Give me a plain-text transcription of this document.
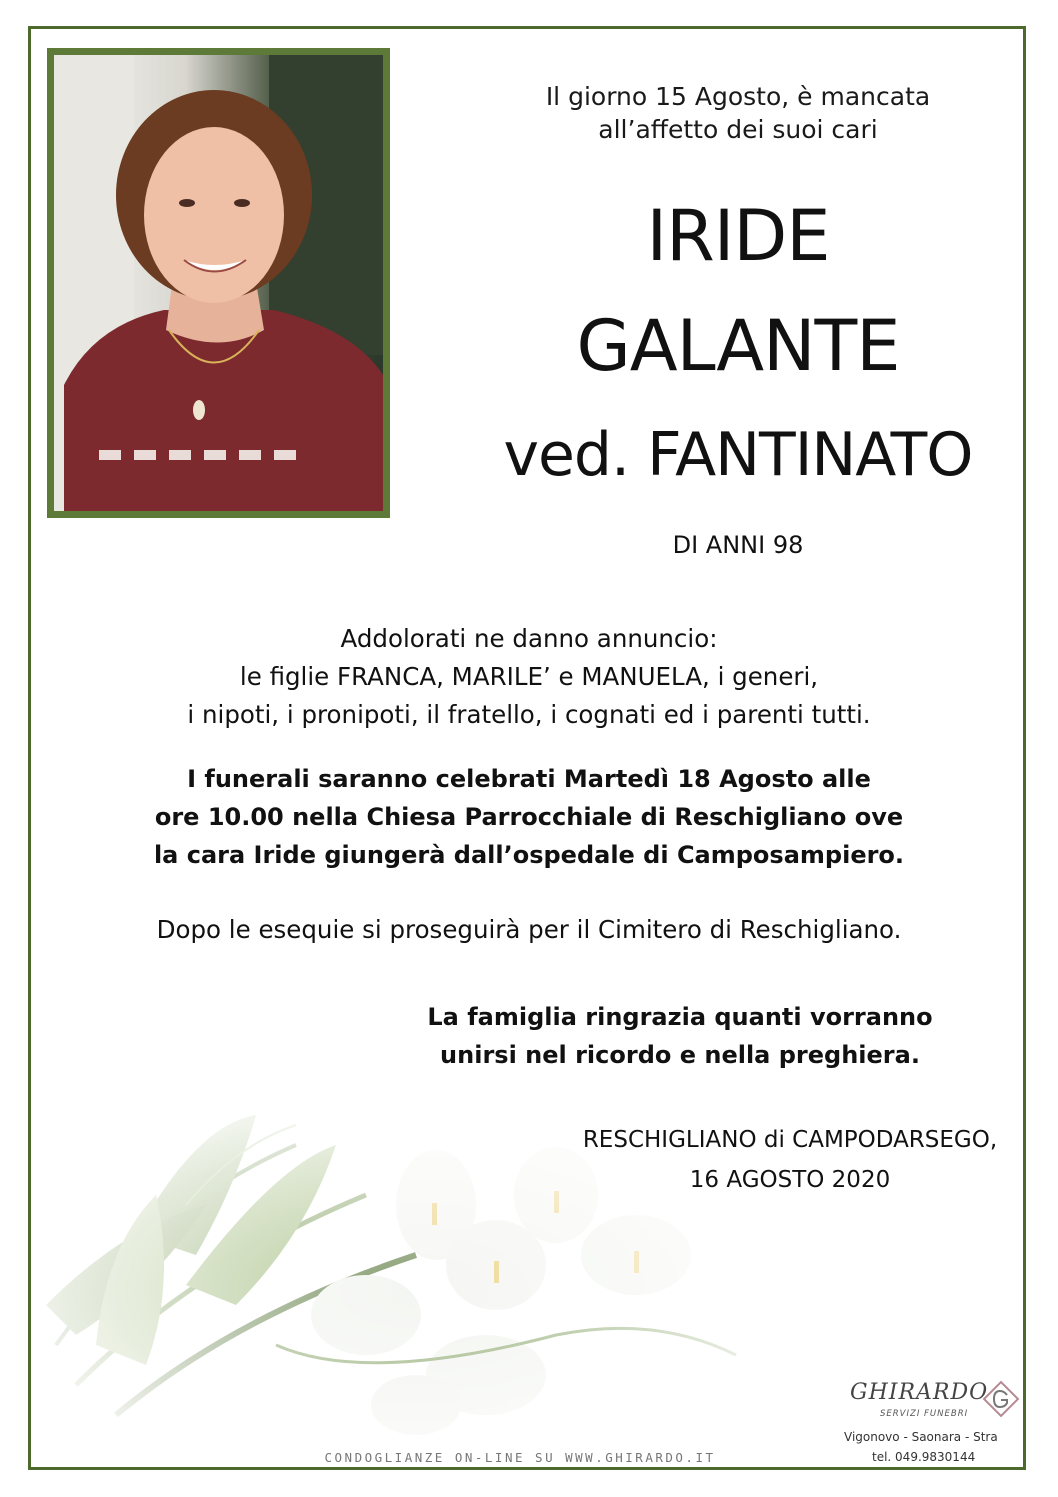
Il giorno 15 Agosto, è mancata
all’affetto dei suoi cari
IRIDE
GALANTE
ved. FANTINATO
DI ANNI 98
Addolorati ne danno annuncio:
le figlie FRANCA, MARILE’ e MANUELA, i generi,
i nipoti, i pronipoti, il fratello, i cognati ed i parenti tutti.
I funerali saranno celebrati Martedì 18 Agosto alle
ore 10.00 nella Chiesa Parrocchiale di Reschigliano ove
la cara Iride giungerà dall’ospedale di Camposampiero.
Dopo le esequie si proseguirà per il Cimitero di Reschigliano.
La famiglia ringrazia quanti vorranno
unirsi nel ricordo e nella preghiera.
RESCHIGLIANO di CAMPODARSEGO,
16 AGOSTO 2020
CONDOGLIANZE ON-LINE SU WWW.GHIRARDO.IT
GHIRARDO
SERVIZI FUNEBRI
Vigonovo - Saonara - Stra
tel. 049.9830144
